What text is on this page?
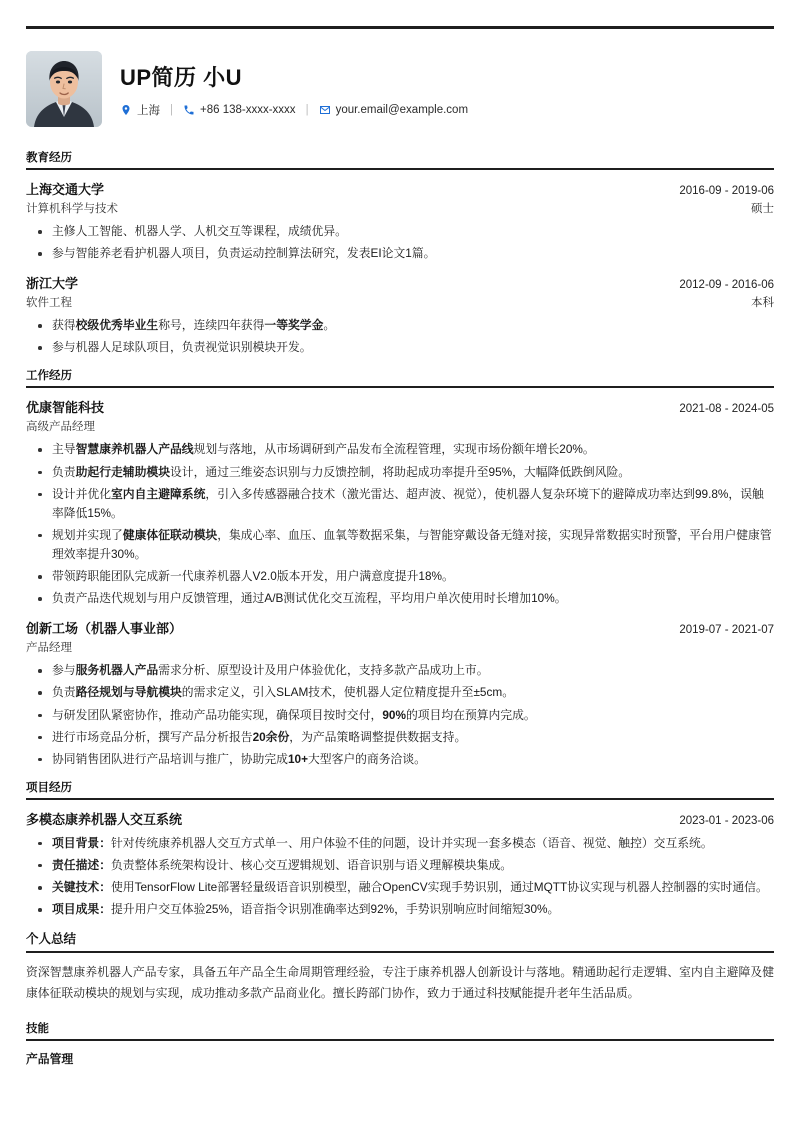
UP简历 小U
上海 | +86 138-xxxx-xxxx | your.email@example.com
教育经历
上海交通大学	2016-09 - 2019-06
计算机科学与技术	硕士
主修人工智能、机器人学、人机交互等课程，成绩优异。
参与智能养老看护机器人项目，负责运动控制算法研究，发表EI论文1篇。
浙江大学	2012-09 - 2016-06
软件工程	本科
获得校级优秀毕业生称号，连续四年获得一等奖学金。
参与机器人足球队项目，负责视觉识别模块开发。
工作经历
优康智能科技	2021-08 - 2024-05
高级产品经理
主导智慧康养机器人产品线规划与落地，从市场调研到产品发布全流程管理，实现市场份额年增长20%。
负责助起行走辅助模块设计，通过三维姿态识别与力反馈控制，将助起成功率提升至95%，大幅降低跌倒风险。
设计并优化室内自主避障系统，引入多传感器融合技术（激光雷达、超声波、视觉），使机器人复杂环境下的避障成功率达到99.8%，误触率降低15%。
规划并实现了健康体征联动模块，集成心率、血压、血氧等数据采集，与智能穿戴设备无缝对接，实现异常数据实时预警，平台用户健康管理效率提升30%。
带领跨职能团队完成新一代康养机器人V2.0版本开发，用户满意度提升18%。
负责产品迭代规划与用户反馈管理，通过A/B测试优化交互流程，平均用户单次使用时长增加10%。
创新工场（机器人事业部）	2019-07 - 2021-07
产品经理
参与服务机器人产品需求分析、原型设计及用户体验优化，支持多款产品成功上市。
负责路径规划与导航模块的需求定义，引入SLAM技术，使机器人定位精度提升至±5cm。
与研发团队紧密协作，推动产品功能实现，确保项目按时交付，90%的项目均在预算内完成。
进行市场竞品分析，撰写产品分析报告20余份，为产品策略调整提供数据支持。
协同销售团队进行产品培训与推广，协助完成10+大型客户的商务洽谈。
项目经历
多模态康养机器人交互系统	2023-01 - 2023-06
项目背景：针对传统康养机器人交互方式单一、用户体验不佳的问题，设计并实现一套多模态（语音、视觉、触控）交互系统。
责任描述：负责整体系统架构设计、核心交互逻辑规划、语音识别与语义理解模块集成。
关键技术：使用TensorFlow Lite部署轻量级语音识别模型，融合OpenCV实现手势识别，通过MQTT协议实现与机器人控制器的实时通信。
项目成果：提升用户交互体验25%，语音指令识别准确率达到92%，手势识别响应时间缩短30%。
个人总结
资深智慧康养机器人产品专家，具备五年产品全生命周期管理经验，专注于康养机器人创新设计与落地。精通助起行走逻辑、室内自主避障及健康体征联动模块的规划与实现，成功推动多款产品商业化。擅长跨部门协作，致力于通过科技赋能提升老年生活品质。
技能
产品管理
